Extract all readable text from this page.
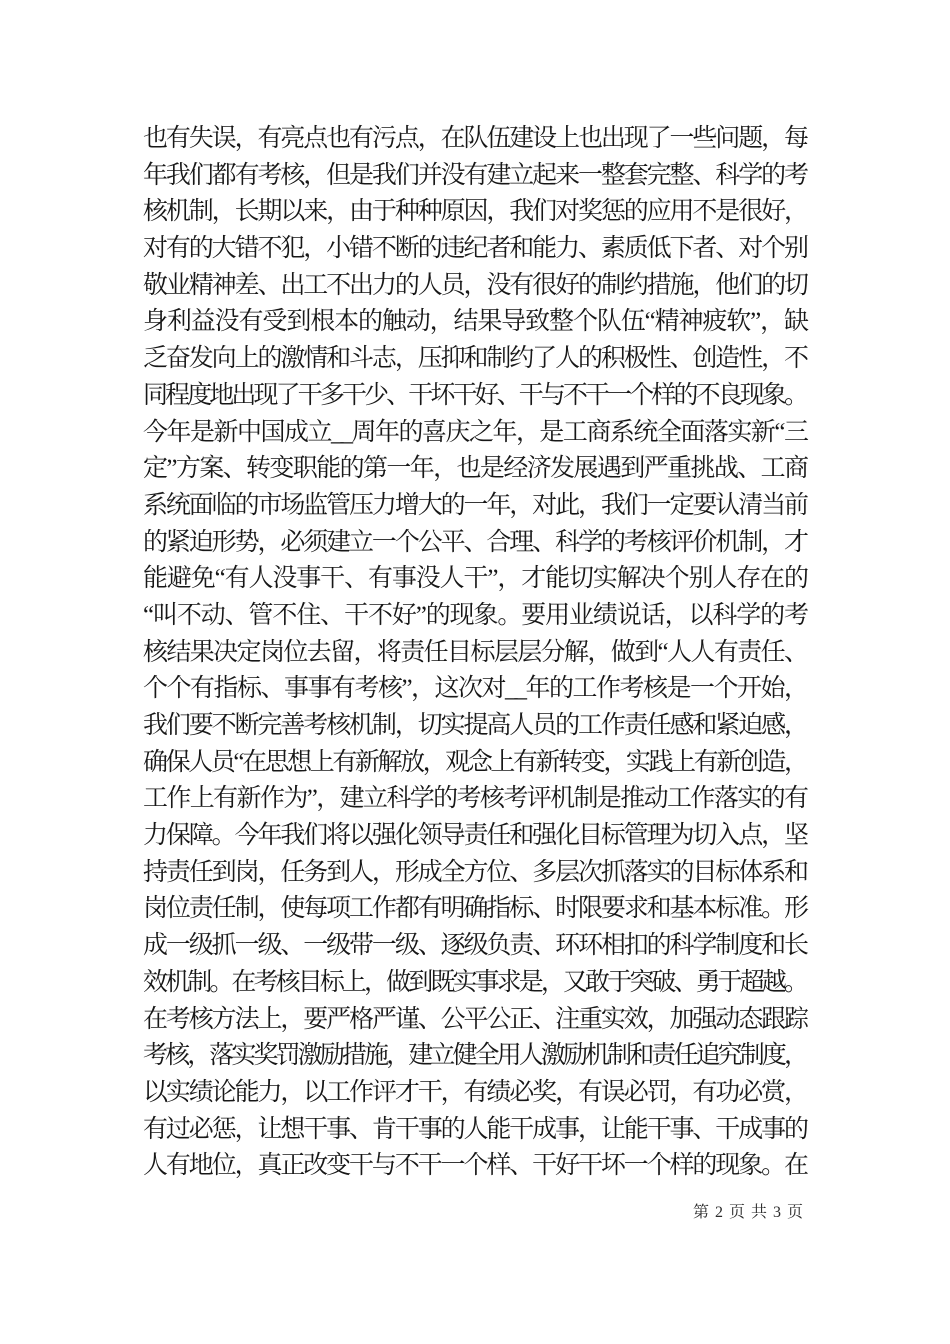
也有失误，有亮点也有污点，在队伍建设上也出现了一些问题，每
年我们都有考核，但是我们并没有建立起来一整套完整、科学的考
核机制，长期以来，由于种种原因，我们对奖惩的应用不是很好，
对有的大错不犯，小错不断的违纪者和能力、素质低下者、对个别
敬业精神差、出工不出力的人员，没有很好的制约措施，他们的切
身利益没有受到根本的触动，结果导致整个队伍“精神疲软”，缺
乏奋发向上的激情和斗志，压抑和制约了人的积极性、创造性，不
同程度地出现了干多干少、干坏干好、干与不干一个样的不良现象。
今年是新中国成立__周年的喜庆之年，是工商系统全面落实新“三
定”方案、转变职能的第一年，也是经济发展遇到严重挑战、工商
系统面临的市场监管压力增大的一年，对此，我们一定要认清当前
的紧迫形势，必须建立一个公平、合理、科学的考核评价机制，才
能避免“有人没事干、有事没人干”，才能切实解决个别人存在的
“叫不动、管不住、干不好”的现象。要用业绩说话，以科学的考
核结果决定岗位去留，将责任目标层层分解，做到“人人有责任、
个个有指标、事事有考核”，这次对__年的工作考核是一个开始，
我们要不断完善考核机制，切实提高人员的工作责任感和紧迫感，
确保人员“在思想上有新解放，观念上有新转变，实践上有新创造，
工作上有新作为”，建立科学的考核考评机制是推动工作落实的有
力保障。今年我们将以强化领导责任和强化目标管理为切入点，坚
持责任到岗，任务到人，形成全方位、多层次抓落实的目标体系和
岗位责任制，使每项工作都有明确指标、时限要求和基本标准。形
成一级抓一级、一级带一级、逐级负责、环环相扣的科学制度和长
效机制。在考核目标上，做到既实事求是，又敢于突破、勇于超越。
在考核方法上，要严格严谨、公平公正、注重实效，加强动态跟踪
考核，落实奖罚激励措施，建立健全用人激励机制和责任追究制度，
以实绩论能力，以工作评才干，有绩必奖，有误必罚，有功必赏，
有过必惩，让想干事、肯干事的人能干成事，让能干事、干成事的
人有地位，真正改变干与不干一个样、干好干坏一个样的现象。在
第 2 页 共 3 页
